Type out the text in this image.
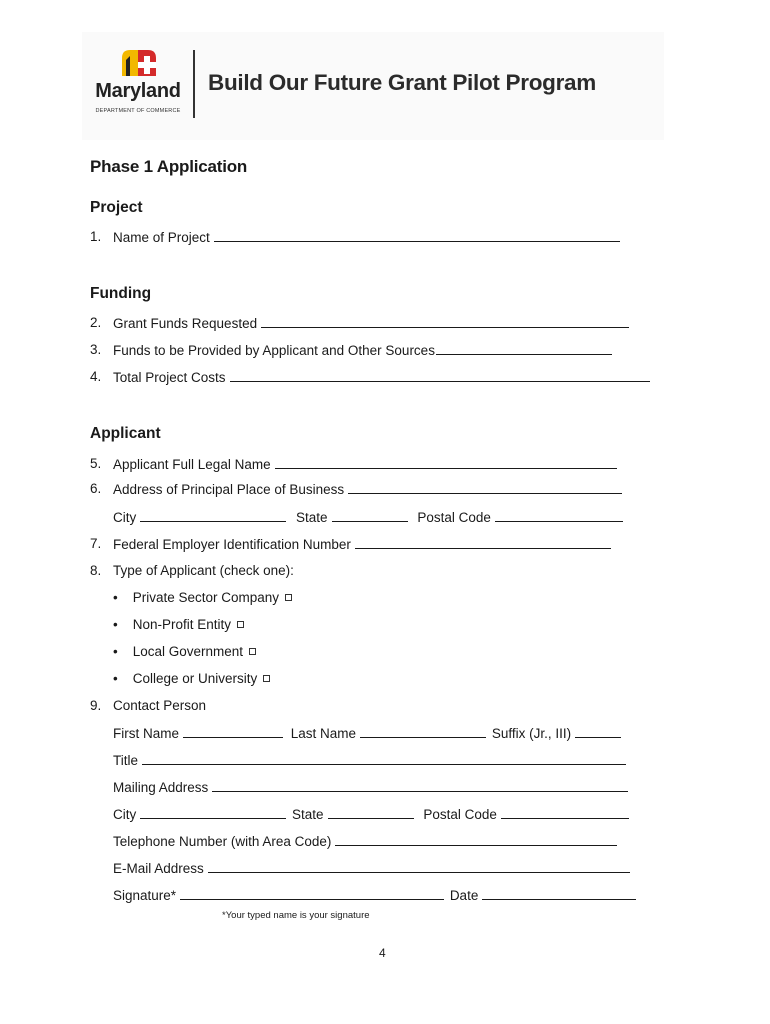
Maryland
DEPARTMENT OF COMMERCE
Build Our Future Grant Pilot Program
Phase 1 Application
Project
1. Name of Project
Funding
2. Grant Funds Requested
3. Funds to be Provided by Applicant and Other Sources
4. Total Project Costs
Applicant
5. Applicant Full Legal Name
6. Address of Principal Place of Business
City	State	Postal Code
7. Federal Employer Identification Number
8. Type of Applicant (check one):
•    Private Sector Company
•    Non-Profit Entity
•    Local Government
•    College or University
9. Contact Person
First Name	Last Name	Suffix (Jr., III)
Title
Mailing Address
City	State	Postal Code
Telephone Number (with Area Code)
E-Mail Address
Signature*	Date
*Your typed name is your signature
4
